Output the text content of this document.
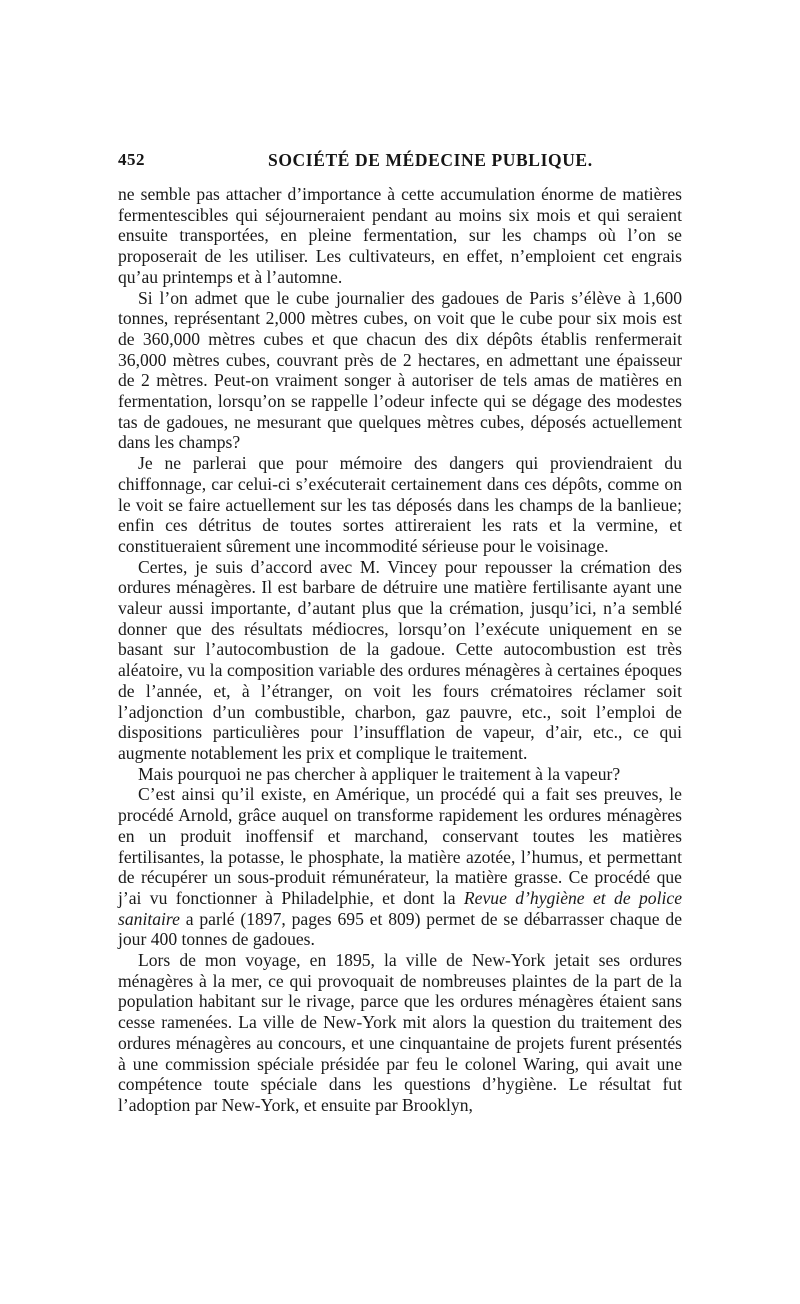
452	SOCIÉTÉ DE MÉDECINE PUBLIQUE.

ne semble pas attacher d’importance à cette accumulation énorme de matières fermentescibles qui séjourneraient pendant au moins six mois et qui seraient ensuite transportées, en pleine fermentation, sur les champs où l’on se proposerait de les utiliser. Les cultivateurs, en effet, n’emploient cet engrais qu’au printemps et à l’automne.

Si l’on admet que le cube journalier des gadoues de Paris s’élève à 1,600 tonnes, représentant 2,000 mètres cubes, on voit que le cube pour six mois est de 360,000 mètres cubes et que chacun des dix dépôts établis renfermerait 36,000 mètres cubes, couvrant près de 2 hectares, en admettant une épaisseur de 2 mètres. Peut-on vraiment songer à autoriser de tels amas de matières en fermentation, lorsqu’on se rappelle l’odeur infecte qui se dégage des modestes tas de gadoues, ne mesurant que quelques mètres cubes, déposés actuellement dans les champs?

Je ne parlerai que pour mémoire des dangers qui proviendraient du chiffonnage, car celui-ci s’exécuterait certainement dans ces dépôts, comme on le voit se faire actuellement sur les tas déposés dans les champs de la banlieue; enfin ces détritus de toutes sortes attireraient les rats et la vermine, et constitueraient sûrement une incommodité sérieuse pour le voisinage.

Certes, je suis d’accord avec M. Vincey pour repousser la crémation des ordures ménagères. Il est barbare de détruire une matière fertilisante ayant une valeur aussi importante, d’autant plus que la crémation, jusqu’ici, n’a semblé donner que des résultats médiocres, lorsqu’on l’exécute uniquement en se basant sur l’autocombustion de la gadoue. Cette autocombustion est très aléatoire, vu la composition variable des ordures ménagères à certaines époques de l’année, et, à l’étranger, on voit les fours crématoires réclamer soit l’adjonction d’un combustible, charbon, gaz pauvre, etc., soit l’emploi de dispositions particulières pour l’insufflation de vapeur, d’air, etc., ce qui augmente notablement les prix et complique le traitement.

Mais pourquoi ne pas chercher à appliquer le traitement à la vapeur?

C’est ainsi qu’il existe, en Amérique, un procédé qui a fait ses preuves, le procédé Arnold, grâce auquel on transforme rapidement les ordures ménagères en un produit inoffensif et marchand, conservant toutes les matières fertilisantes, la potasse, le phosphate, la matière azotée, l’humus, et permettant de récupérer un sous-produit rémunérateur, la matière grasse. Ce procédé que j’ai vu fonctionner à Philadelphie, et dont la Revue d’hygiène et de police sanitaire a parlé (1897, pages 695 et 809) permet de se débarrasser chaque de jour 400 tonnes de gadoues.

Lors de mon voyage, en 1895, la ville de New-York jetait ses ordures ménagères à la mer, ce qui provoquait de nombreuses plaintes de la part de la population habitant sur le rivage, parce que les ordures ménagères étaient sans cesse ramenées. La ville de New-York mit alors la question du traitement des ordures ménagères au concours, et une cinquantaine de projets furent présentés à une commission spéciale présidée par feu le colonel Waring, qui avait une compétence toute spéciale dans les questions d’hygiène. Le résultat fut l’adoption par New-York, et ensuite par Brooklyn,
